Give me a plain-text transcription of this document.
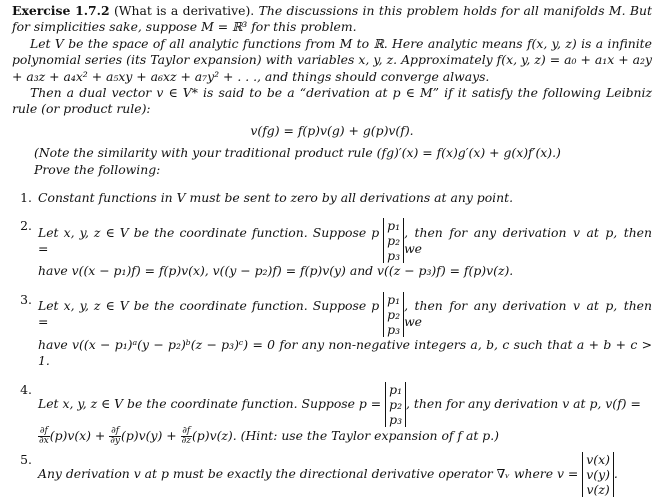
Exercise 1.7.2 (What is a derivative). The discussions in this problem holds for all manifolds M. But for simplicities sake, suppose M = ℝ³ for this problem.

Let V be the space of all analytic functions from M to ℝ. Here analytic means f(x, y, z) is a infinite polynomial series (its Taylor expansion) with variables x, y, z. Approximately f(x, y, z) = a₀ + a₁x + a₂y + a₃z + a₄x² + a₅xy + a₆xz + a₇y² + . . ., and things should converge always.

Then a dual vector v ∈ V* is said to be a “derivation at p ∈ M” if it satisfy the following Leibniz rule (or product rule):

v(fg) = f(p)v(g) + g(p)v(f).

(Note the similarity with your traditional product rule (fg)′(x) = f(x)g′(x) + g(x)f′(x).)

Prove the following:

1. Constant functions in V must be sent to zero by all derivations at any point.
2. Let x, y, z ∈ V be the coordinate function. Suppose p =

p₁
p₂
p₃
, then for any derivation v at p, then we
have v((x − p₁)f) = f(p)v(x), v((y − p₂)f) = f(p)v(y) and v((z − p₃)f) = f(p)v(z).
3. Let x, y, z ∈ V be the coordinate function. Suppose p =

p₁
p₂
p₃
, then for any derivation v at p, then we
have v((x − p₁)ᵃ(y − p₂)ᵇ(z − p₃)ᶜ) = 0 for any non-negative integers a, b, c such that a + b + c > 1.
4.
Let x, y, z ∈ V be the coordinate function. Suppose p =

p₁
p₂
p₃
, then for any derivation v at p, v(f) =
$\frac{\partial f}{\partial x} (p)v(x) + \frac{\partial f}{\partial y} (p)v(y) + \frac{\partial f}{\partial z} (p)v(z)$. (Hint: use the Taylor expansion of f at p.)
5.
Any derivation v at p must be exactly the directional derivative operator ∇ᵥ where v =

v(x)
v(y)
v(z)
.
